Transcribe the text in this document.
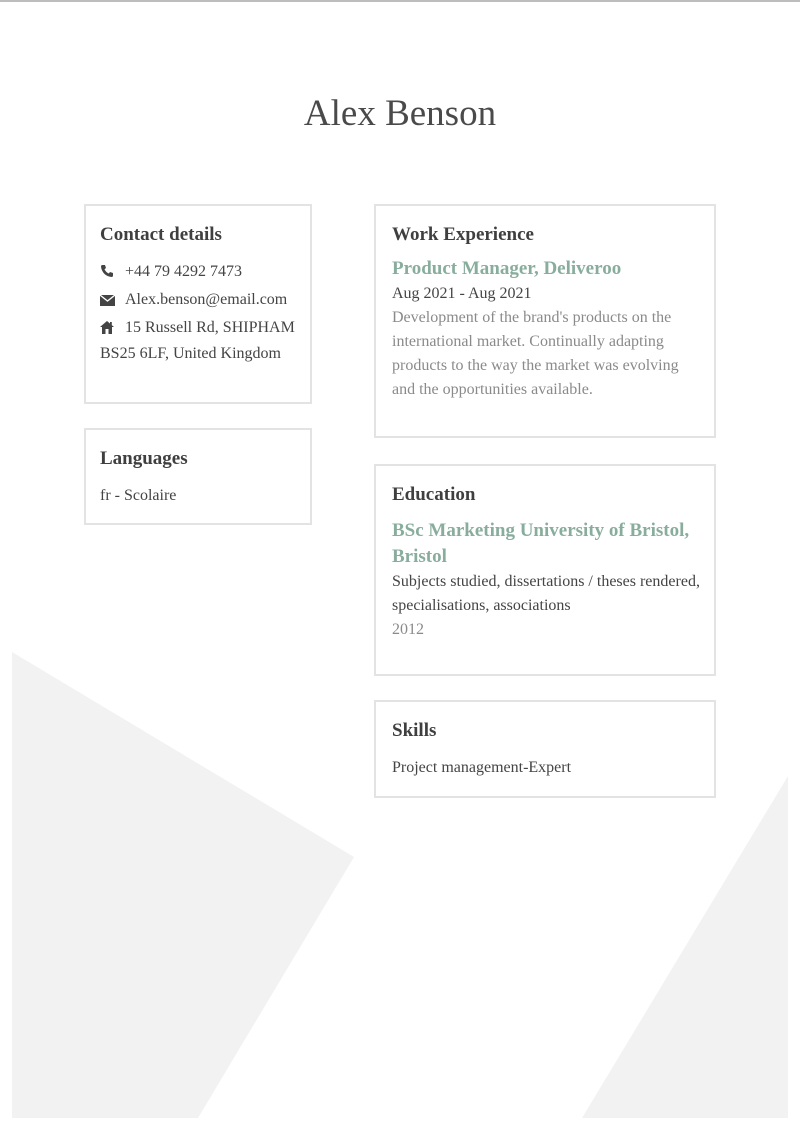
Alex Benson
Contact details
+44 79 4292 7473
Alex.benson@email.com
15 Russell Rd, SHIPHAM BS25 6LF, United Kingdom
Languages
fr - Scolaire
Work Experience
Product Manager, Deliveroo
Aug 2021 - Aug 2021
Development of the brand's products on the international market. Continually adapting products to the way the market was evolving and the opportunities available.
Education
BSc Marketing University of Bristol, Bristol
Subjects studied, dissertations / theses rendered, specialisations, associations
2012
Skills
Project management-Expert
